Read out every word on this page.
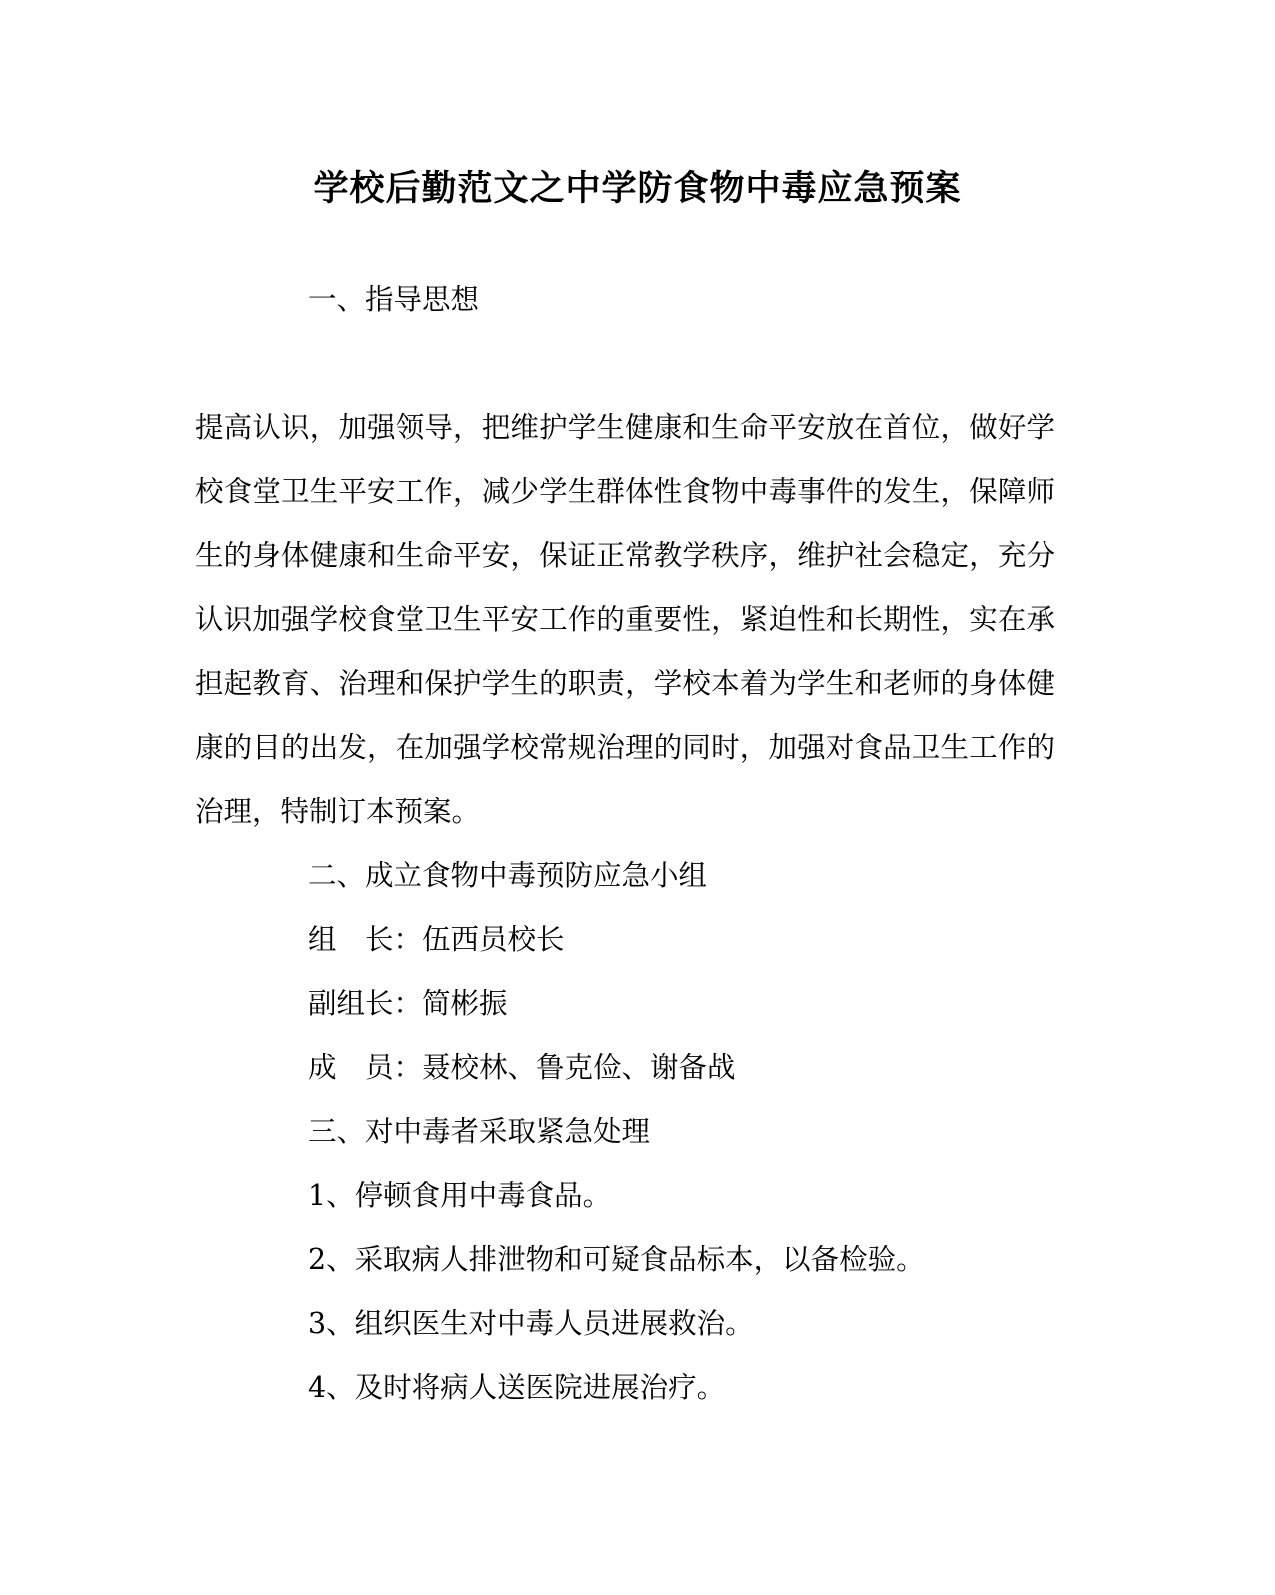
学校后勤范文之中学防食物中毒应急预案
一、指导思想
提高认识，加强领导，把维护学生健康和生命平安放在首位，做好学
校食堂卫生平安工作，减少学生群体性食物中毒事件的发生，保障师
生的身体健康和生命平安，保证正常教学秩序，维护社会稳定，充分
认识加强学校食堂卫生平安工作的重要性，紧迫性和长期性，实在承
担起教育、治理和保护学生的职责，学校本着为学生和老师的身体健
康的目的出发，在加强学校常规治理的同时，加强对食品卫生工作的
治理，特制订本预案。
二、成立食物中毒预防应急小组
组　长：伍西员校长
副组长：简彬振
成　员：聂校林、鲁克俭、谢备战
三、对中毒者采取紧急处理
1、停顿食用中毒食品。
2、采取病人排泄物和可疑食品标本，以备检验。
3、组织医生对中毒人员进展救治。
4、及时将病人送医院进展治疗。
